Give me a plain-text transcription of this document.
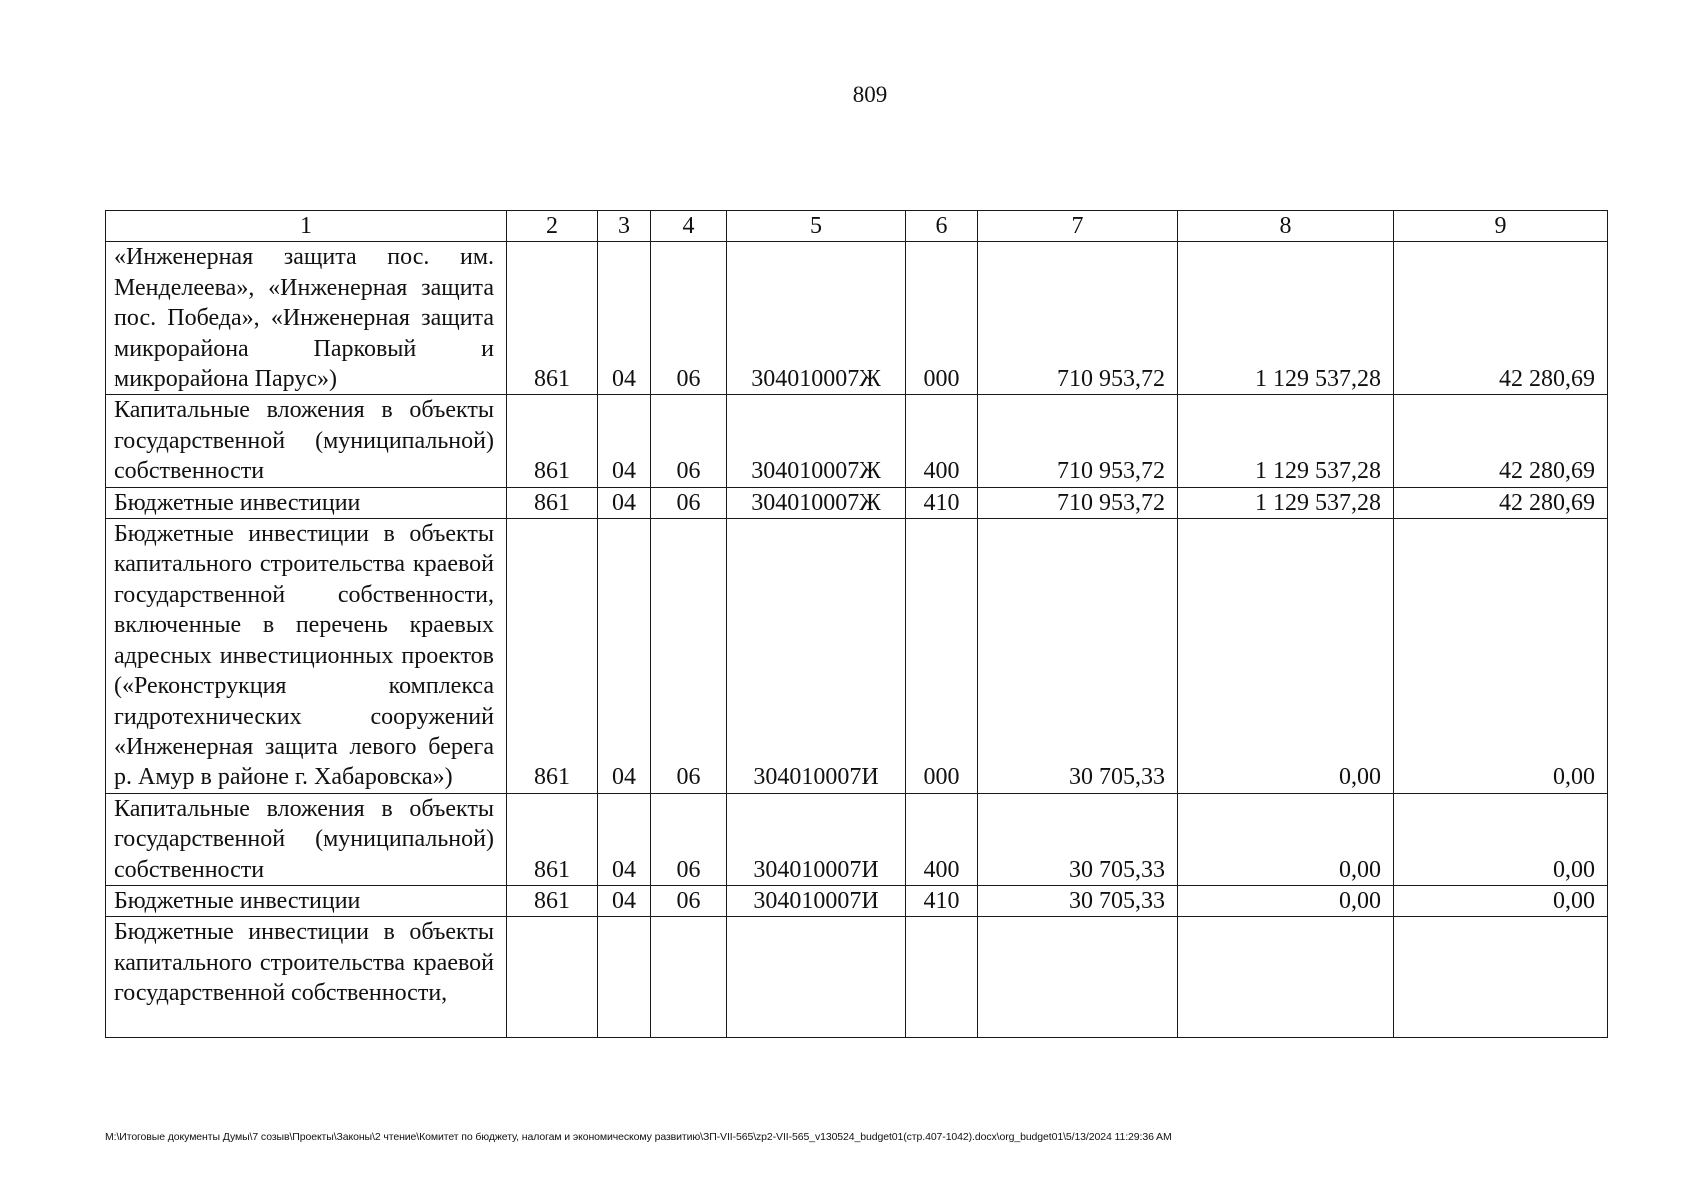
809
1	2	3	4	5	6	7	8	9
«Инженерная защита пос. им. Менделеева», «Инженерная защита пос. Победа», «Инженерная защита микрорайона Парковый и микрорайона Парус»)	861	04	06	304010007Ж	000	710 953,72	1 129 537,28	42 280,69
Капитальные вложения в объекты государственной (муниципальной) собственности	861	04	06	304010007Ж	400	710 953,72	1 129 537,28	42 280,69
Бюджетные инвестиции	861	04	06	304010007Ж	410	710 953,72	1 129 537,28	42 280,69
Бюджетные инвестиции в объекты капитального строительства краевой государственной собственности, включенные в перечень краевых адресных инвестиционных проектов («Реконструкция комплекса гидротехнических сооружений «Инженерная защита левого берега р. Амур в районе г. Хабаровска»)	861	04	06	304010007И	000	30 705,33	0,00	0,00
Капитальные вложения в объекты государственной (муниципальной) собственности	861	04	06	304010007И	400	30 705,33	0,00	0,00
Бюджетные инвестиции	861	04	06	304010007И	410	30 705,33	0,00	0,00
Бюджетные инвестиции в объекты капитального строительства краевой государственной собственности,								
M:\Итоговые документы Думы\7 созыв\Проекты\Законы\2 чтение\Комитет по бюджету, налогам и экономическому развитию\ЗП-VII-565\zp2-VII-565_v130524_budget01(стр.407-1042).docx\org_budget01\5/13/2024 11:29:36 AM
